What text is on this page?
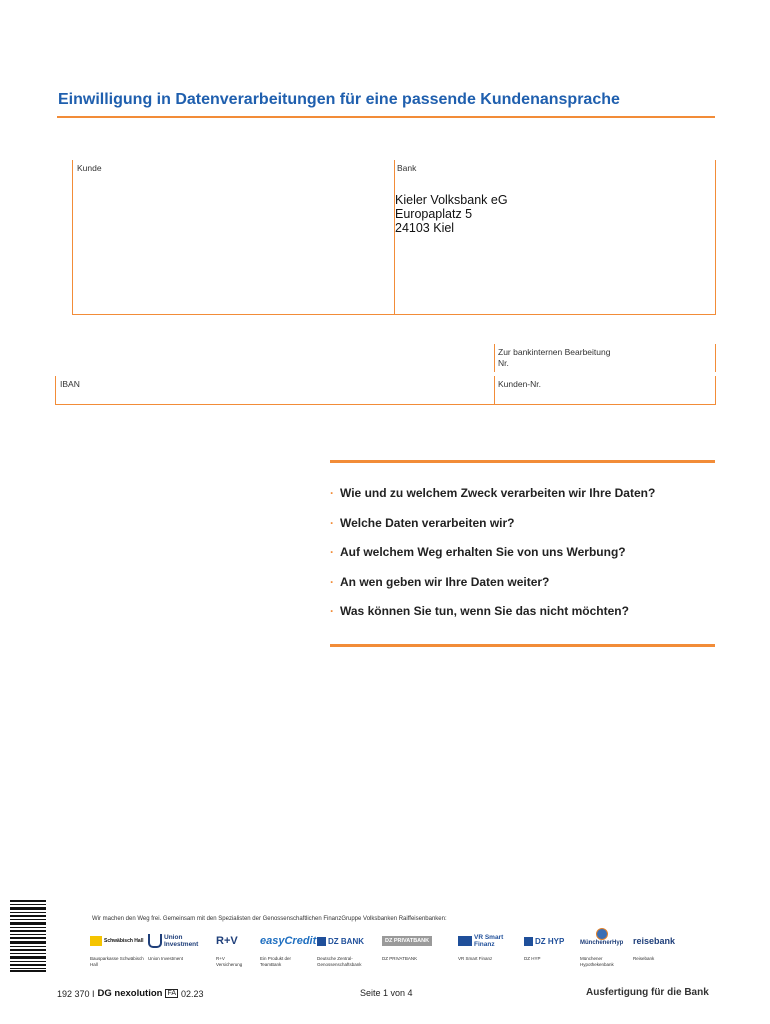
Einwilligung in Datenverarbeitungen für eine passende Kundenansprache
Kunde	Bank
Kieler Volksbank eG
Europaplatz 5
24103 Kiel
Zur bankinternen Bearbeitung
Nr.
IBAN	Kunden-Nr.
· Wie und zu welchem Zweck verarbeiten wir Ihre Daten?
· Welche Daten verarbeiten wir?
· Auf welchem Weg erhalten Sie von uns Werbung?
· An wen geben wir Ihre Daten weiter?
· Was können Sie tun, wenn Sie das nicht möchten?
Wir machen den Weg frei. Gemeinsam mit den Spezialisten der Genossenschaftlichen FinanzGruppe Volksbanken Raiffeisenbanken:
Schwäbisch Hall
Bausparkasse Schwäbisch Hall
Union Investment
Union Investment
R+V
R+V Versicherung
easyCredit
Ein Produkt der TeamBank
DZ BANK
Deutsche Zentral-Genossenschaftsbank
DZ PRIVATBANK
DZ PRIVATBANK
VR Smart Finanz
VR Smart Finanz
DZ HYP
DZ HYP
MünchenerHyp
Münchener Hypothekenbank
reisebank
Reisebank
192 370 I DG nexolution FA 02.23	Seite 1 von 4	Ausfertigung für die Bank
